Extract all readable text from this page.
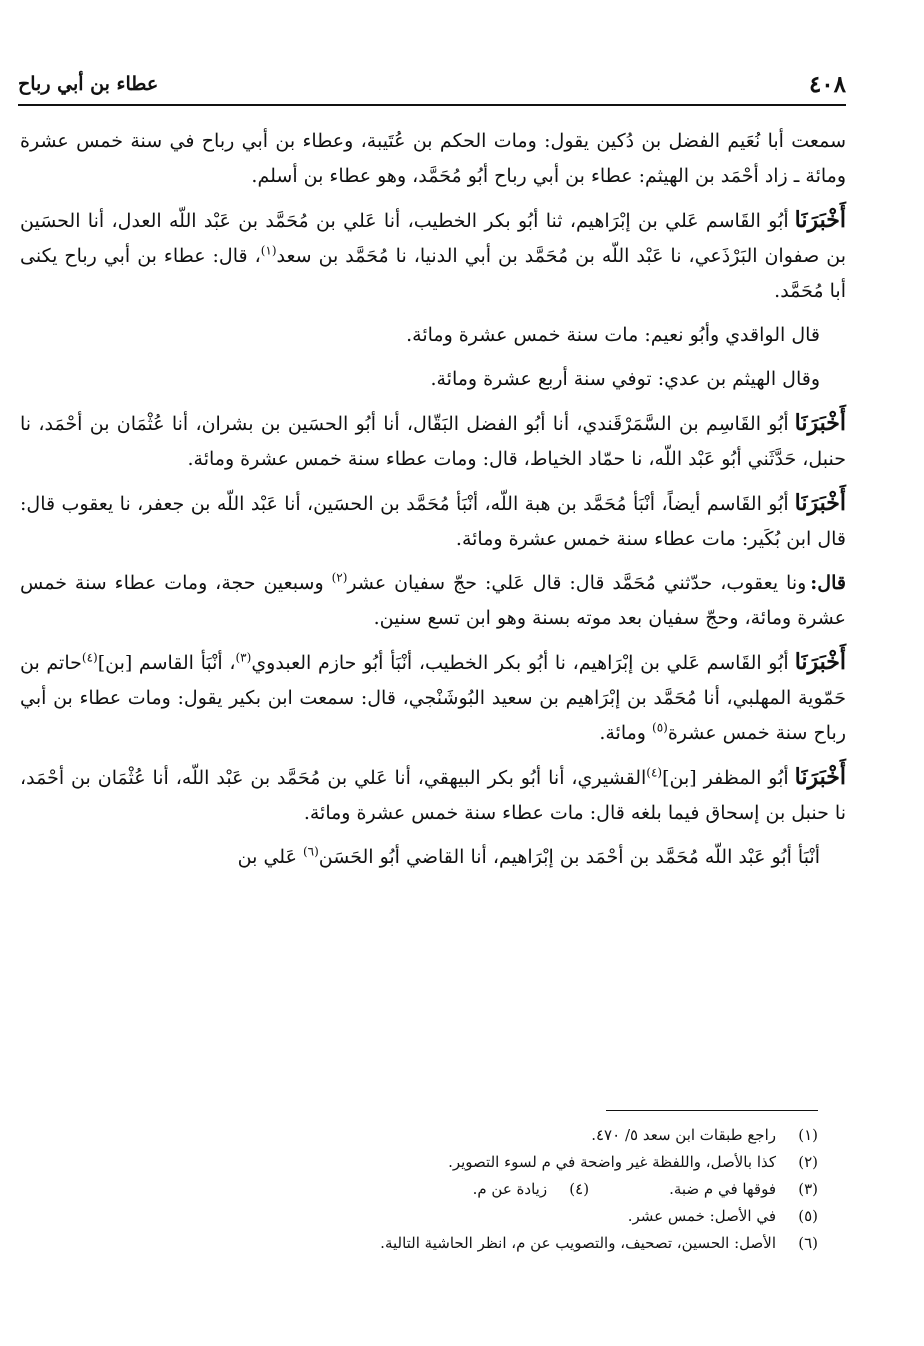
٤٠٨
عطاء بن أبي رباح

سمعت أبا نُعَيم الفضل بن دُكين يقول: ومات الحكم بن عُتَيبة، وعطاء بن أبي رباح في سنة خمس عشرة ومائة ـ زاد أحْمَد بن الهيثم: عطاء بن أبي رباح أبُو مُحَمَّد، وهو عطاء بن أسلم.

أَخْبَرَنَاأبُو القَاسم عَلي بن إبْرَاهيم، ثنا أبُو بكر الخطيب، أنا عَلي بن مُحَمَّد بن عَبْد اللّه العدل، أنا الحسَين بن صفوان البَرْذَعي، نا عَبْد اللّه بن مُحَمَّد بن أبي الدنيا، نا مُحَمَّد بن سعد$^{(١)}$، قال: عطاء بن أبي رباح يكنى أبا مُحَمَّد.

قال الواقدي وأبُو نعيم: مات سنة خمس عشرة ومائة.

وقال الهيثم بن عدي: توفي سنة أربع عشرة ومائة.

أَخْبَرَنَاأبُو القَاسِم بن السَّمَرْقَندي، أنا أبُو الفضل البَقّال، أنا أبُو الحسَين بن بشران، أنا عُثْمَان بن أحْمَد، نا حنبل، حَدَّثَني أبُو عَبْد اللّه، نا حمّاد الخياط، قال: ومات عطاء سنة خمس عشرة ومائة.

أَخْبَرَنَاأبُو القَاسم أيضاً، أنْبَأ مُحَمَّد بن هبة اللّه، أنْبَأ مُحَمَّد بن الحسَين، أنا عَبْد اللّه بن جعفر، نا يعقوب قال: قال ابن بُكَير: مات عطاء سنة خمس عشرة ومائة.

قال:ونا يعقوب، حدّثني مُحَمَّد قال: قال عَلي: حجّ سفيان عشر$^{(٢)}$ وسبعين حجة، ومات عطاء سنة خمس عشرة ومائة، وحجّ سفيان بعد موته بسنة وهو ابن تسع سنين.

أَخْبَرَنَاأبُو القَاسم عَلي بن إبْرَاهيم، نا أبُو بكر الخطيب، أنْبَأ أبُو حازم العبدوي$^{(٣)}$، أنْبَأ القاسم [بن]$^{(٤)}$حاتم بن حَمّوية المهلبي، أنا مُحَمَّد بن إبْرَاهيم بن سعيد البُوشَنْجي، قال: سمعت ابن بكير يقول: ومات عطاء بن أبي رباح سنة خمس عشرة$^{(٥)}$ ومائة.

أَخْبَرَنَاأبُو المظفر [بن]$^{(٤)}$القشيري، أنا أبُو بكر البيهقي، أنا عَلي بن مُحَمَّد بن عَبْد اللّه، أنا عُثْمَان بن أحْمَد، نا حنبل بن إسحاق فيما بلغه قال: مات عطاء سنة خمس عشرة ومائة.

أنْبَأ أبُو عَبْد اللّه مُحَمَّد بن أحْمَد بن إبْرَاهيم، أنا القاضي أبُو الحَسَن$^{(٦)}$ عَلي بن

(١)
راجع طبقات ابن سعد ٥/ ٤٧٠.
(٢)
كذا بالأصل، واللفظة غير واضحة في م لسوء التصوير.
(٣)
فوقها في م ضبة.
(٤)
زيادة عن م.
(٥)
في الأصل: خمس عشر.
(٦)
الأصل: الحسين، تصحيف، والتصويب عن م، انظر الحاشية التالية.
